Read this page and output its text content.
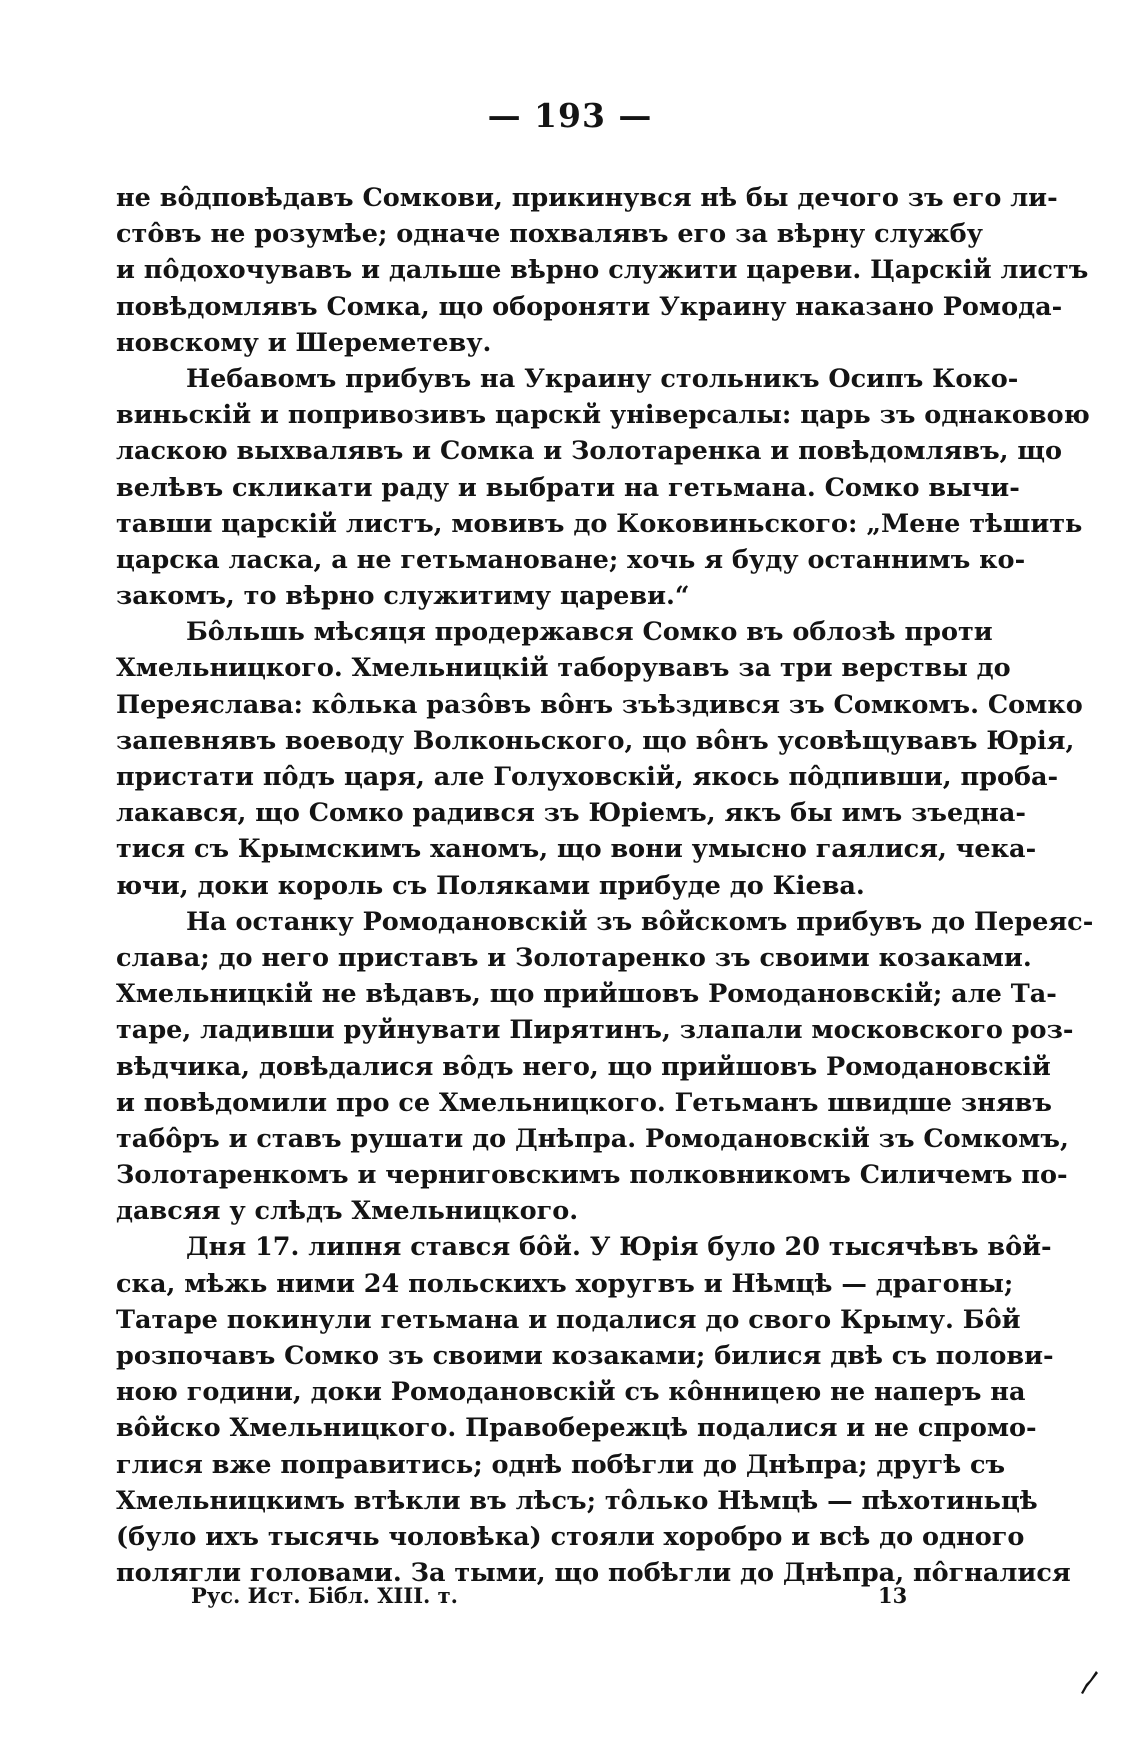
— 193 —
не вôдповѣдавъ Сомкови, прикинувся нѣ бы дечого зъ его ли-
стôвъ не розумѣе; одначе похвалявъ его за вѣрну службу
и пôдохочувавъ и дальше вѣрно служити цареви. Царскій листъ
повѣдомлявъ Сомка, що обороняти Украину наказано Ромода-
новскому и Шереметеву.
Небавомъ прибувъ на Украину стольникъ Осипъ Коко-
виньскій и попривозивъ царскй універсалы: царь зъ однаковою
ласкою выхвалявъ и Сомка и Золотаренка и повѣдомлявъ, що
велѣвъ скликати раду и выбрати на гетьмана. Сомко вычи-
тавши царскій листъ, мовивъ до Коковиньского: „Мене тѣшить
царска ласка, а не гетьмановане; хочь я буду останнимъ ко-
закомъ, то вѣрно служитиму цареви.“
Бôльшь мѣсяця продержався Сомко въ облозѣ проти
Хмельницкого. Хмельницкій таборувавъ за три верствы до
Переяслава: кôлька разôвъ вôнъ зъѣздився зъ Сомкомъ. Сомко
запевнявъ воеводу Волконьского, що вôнъ усовѣщувавъ Юрія,
пристати пôдъ царя, але Голуховскій, якось пôдпивши, проба-
лакався, що Сомко радився зъ Юріемъ, якъ бы имъ зъедна-
тися съ Крымскимъ ханомъ, що вони умысно гаялися, чека-
ючи, доки король съ Поляками прибуде до Кіева.
На останку Ромодановскій зъ вôйскомъ прибувъ до Переяс-
слава; до него приставъ и Золотаренко зъ своими козаками.
Хмельницкій не вѣдавъ, що прийшовъ Ромодановскій; але Та-
таре, ладивши руйнувати Пирятинъ, злапали московского роз-
вѣдчика, довѣдалися вôдъ него, що прийшовъ Ромодановскій
и повѣдомили про се Хмельницкого. Гетьманъ швидше знявъ
табôръ и ставъ рушати до Днѣпра. Ромодановскій зъ Сомкомъ,
Золотаренкомъ и черниговскимъ полковникомъ Силичемъ по-
давсяя у слѣдъ Хмельницкого.
Дня 17. липня стався бôй. У Юрія було 20 тысячѣвъ вôй-
ска, мѣжь ними 24 польскихъ хоругвъ и Нѣмцѣ — драгоны;
Татаре покинули гетьмана и подалися до свого Крыму. Бôй
розпочавъ Сомко зъ своими козаками; билися двѣ съ полови-
ною години, доки Ромодановскій съ кôнницею не наперъ на
вôйско Хмельницкого. Правобережцѣ подалися и не спромо-
глися вже поправитись; однѣ побѣгли до Днѣпра; другѣ съ
Хмельницкимъ втѣкли въ лѣсъ; тôлько Нѣмцѣ — пѣхотиньцѣ
(було ихъ тысячь чоловѣка) стояли хоробро и всѣ до одного
полягли головами. За тыми, що побѣгли до Днѣпра, пôгналися
Рус. Ист. Бібл. XIII. т.	13
